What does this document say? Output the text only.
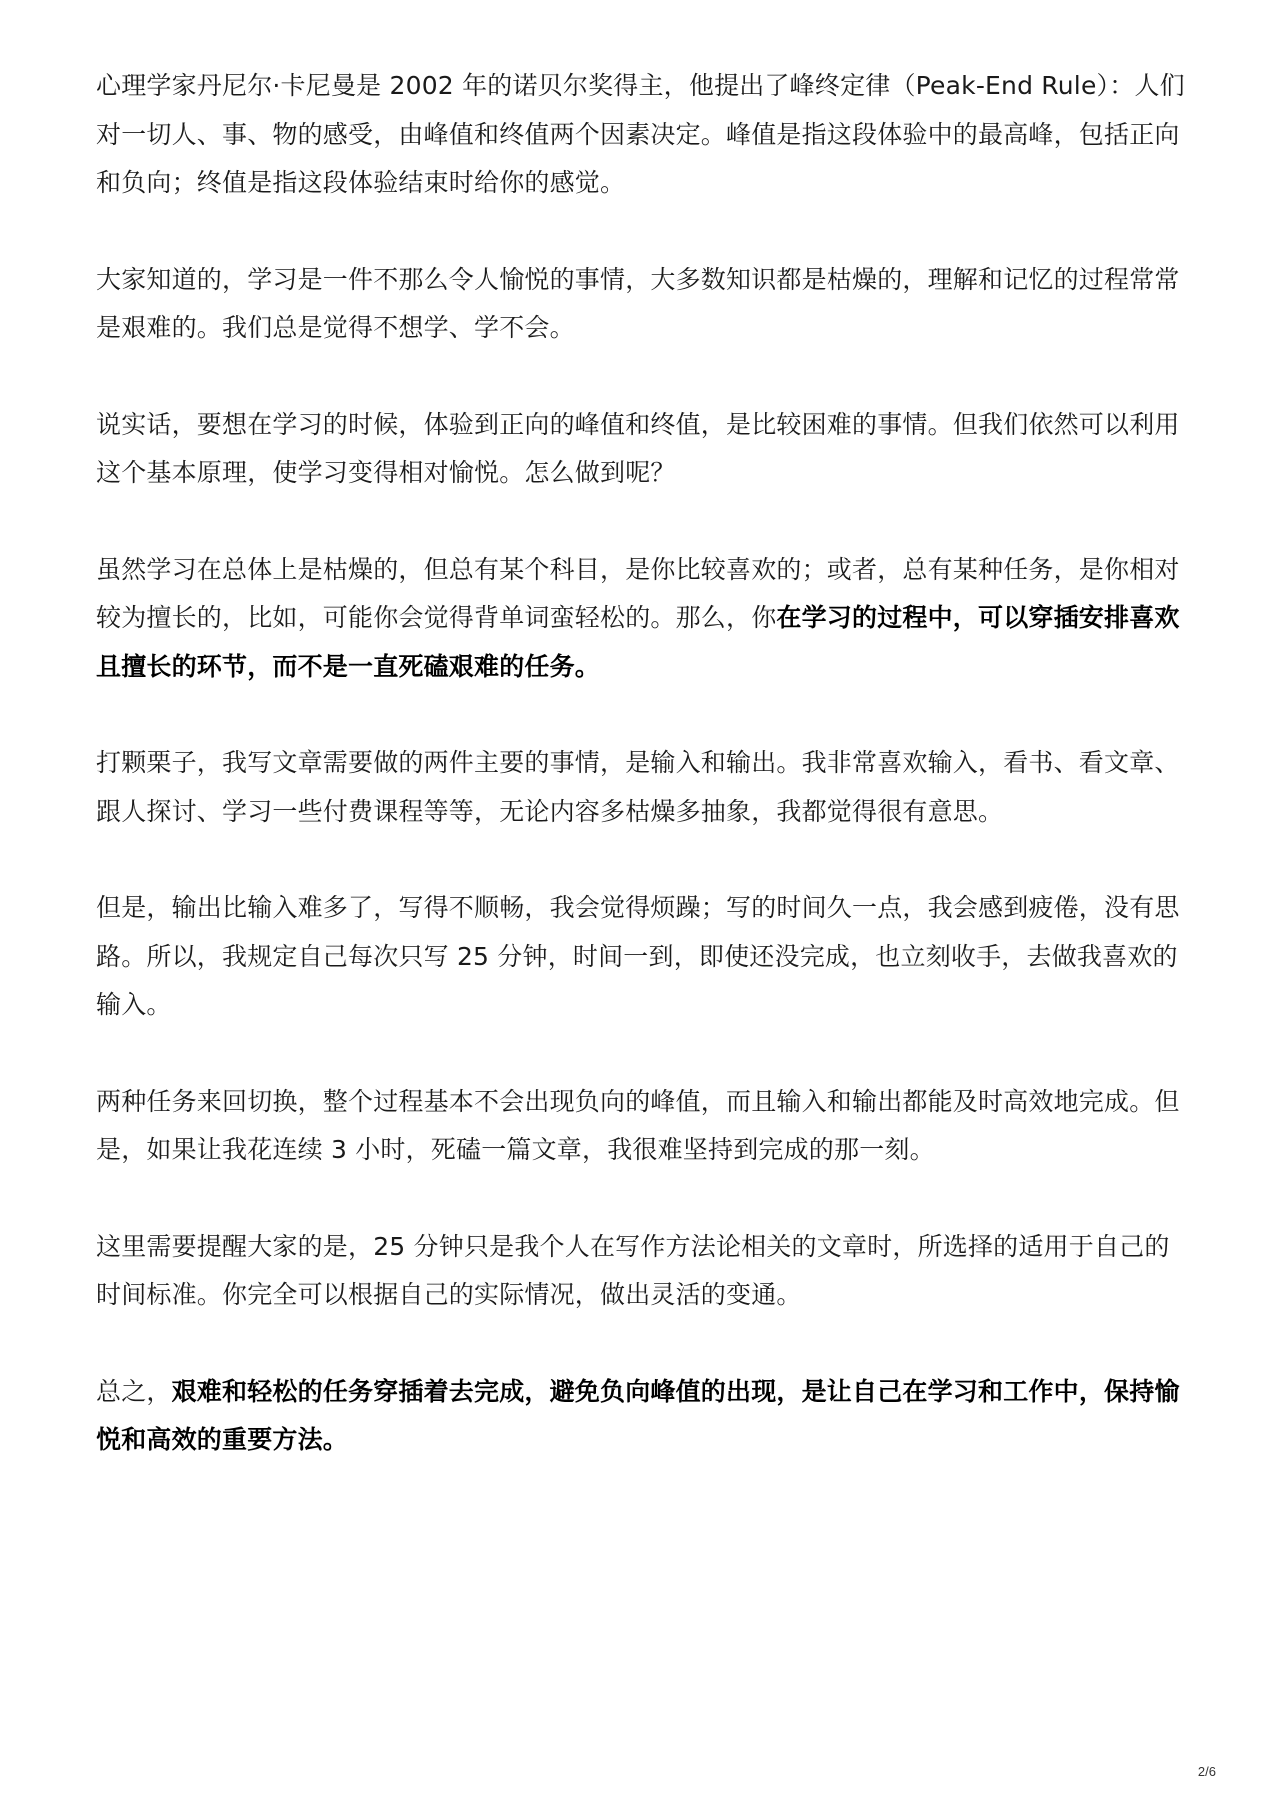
心理学家丹尼尔·卡尼曼是 2002 年的诺贝尔奖得主，他提出了峰终定律（Peak-End Rule）：人们对一切人、事、物的感受，由峰值和终值两个因素决定。峰值是指这段体验中的最高峰，包括正向和负向；终值是指这段体验结束时给你的感觉。

大家知道的，学习是一件不那么令人愉悦的事情，大多数知识都是枯燥的，理解和记忆的过程常常是艰难的。我们总是觉得不想学、学不会。

说实话，要想在学习的时候，体验到正向的峰值和终值，是比较困难的事情。但我们依然可以利用这个基本原理，使学习变得相对愉悦。怎么做到呢？

虽然学习在总体上是枯燥的，但总有某个科目，是你比较喜欢的；或者，总有某种任务，是你相对较为擅长的，比如，可能你会觉得背单词蛮轻松的。那么，你在学习的过程中，可以穿插安排喜欢且擅长的环节，而不是一直死磕艰难的任务。

打颗栗子，我写文章需要做的两件主要的事情，是输入和输出。我非常喜欢输入，看书、看文章、跟人探讨、学习一些付费课程等等，无论内容多枯燥多抽象，我都觉得很有意思。

但是，输出比输入难多了，写得不顺畅，我会觉得烦躁；写的时间久一点，我会感到疲倦，没有思路。所以，我规定自己每次只写 25 分钟，时间一到，即使还没完成，也立刻收手，去做我喜欢的输入。

两种任务来回切换，整个过程基本不会出现负向的峰值，而且输入和输出都能及时高效地完成。但是，如果让我花连续 3 小时，死磕一篇文章，我很难坚持到完成的那一刻。

这里需要提醒大家的是，25 分钟只是我个人在写作方法论相关的文章时，所选择的适用于自己的时间标准。你完全可以根据自己的实际情况，做出灵活的变通。

总之，艰难和轻松的任务穿插着去完成，避免负向峰值的出现，是让自己在学习和工作中，保持愉悦和高效的重要方法。

2/6
